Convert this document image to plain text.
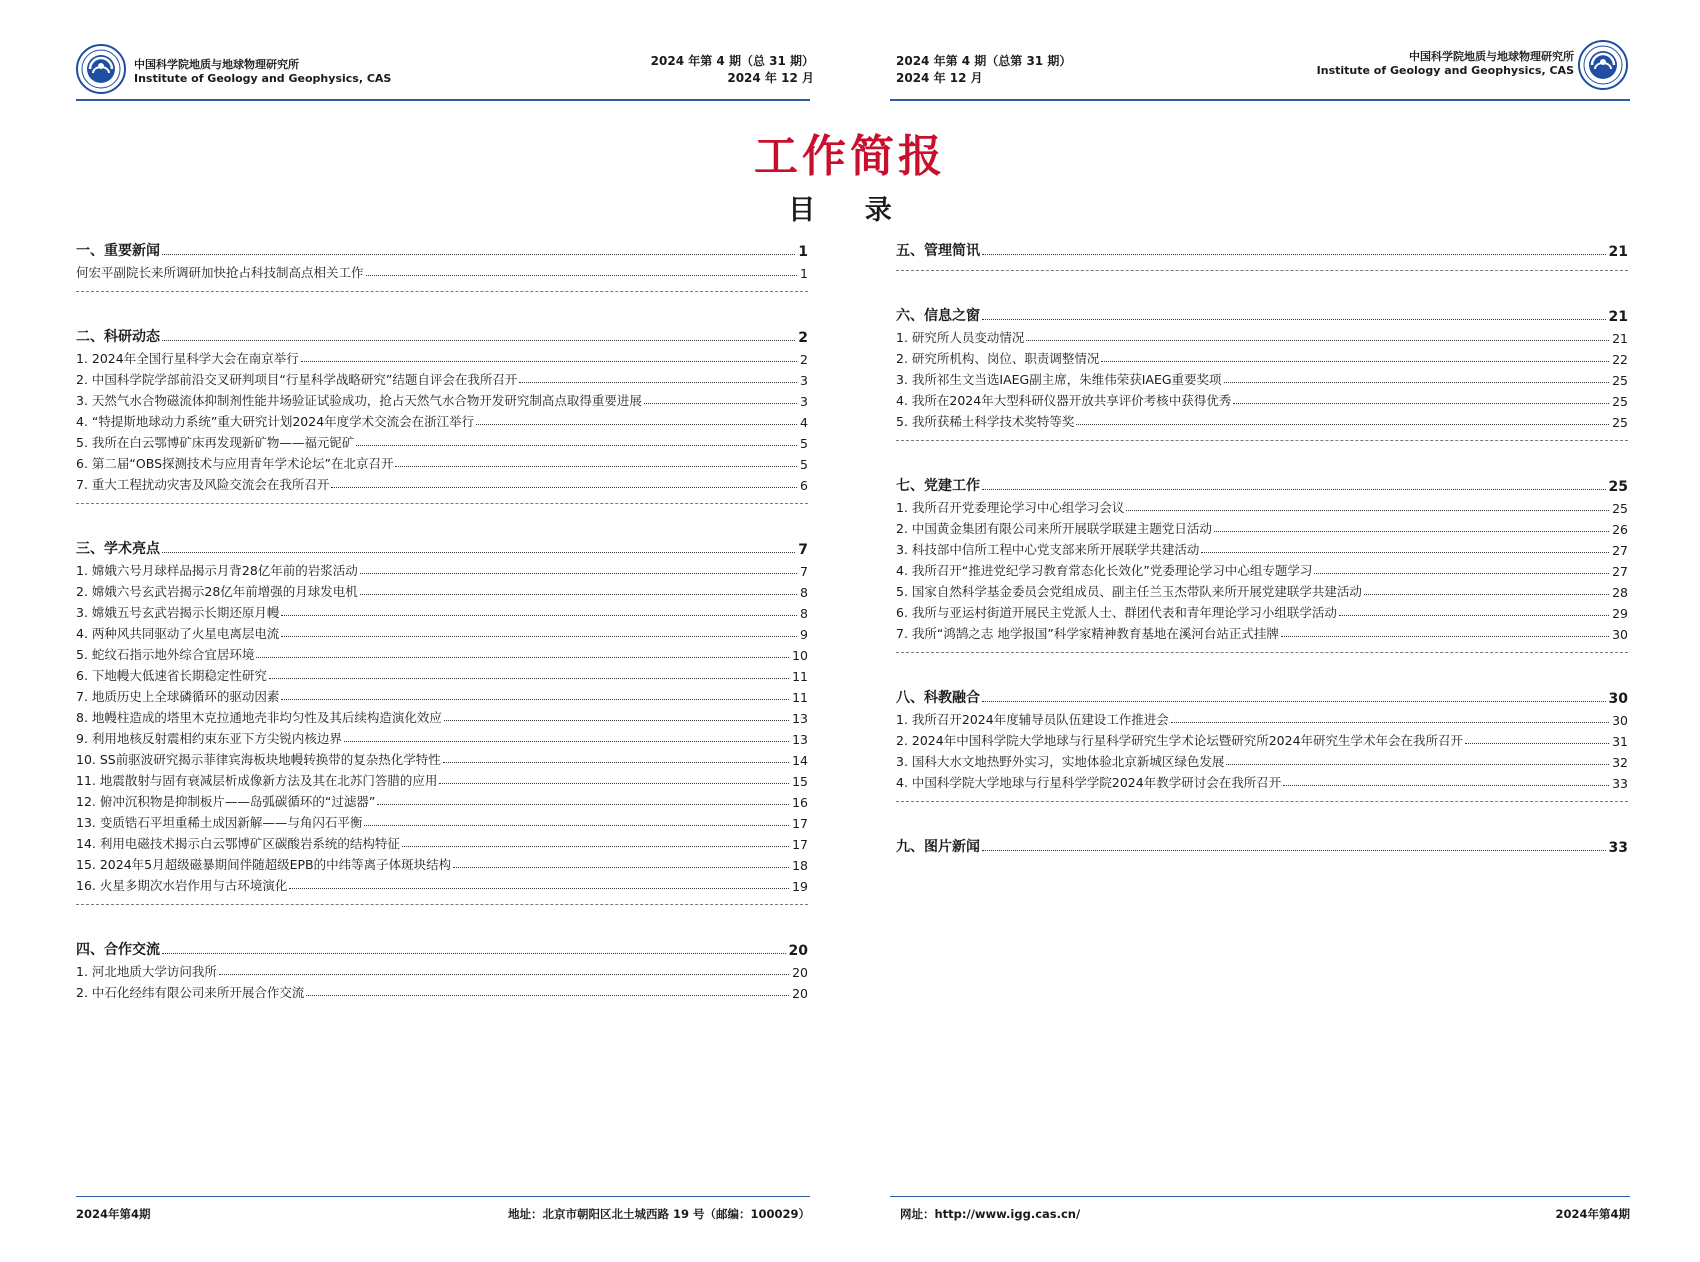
中国科学院地质与地球物理研究所
Institute of Geology and Geophysics, CAS
2024 年第 4 期（总 31 期）
2024 年 12 月
2024 年第 4 期（总第 31 期）
2024 年 12 月
中国科学院地质与地球物理研究所
Institute of Geology and Geophysics, CAS
工作简报
目 录
一、重要新闻	1
何宏平副院长来所调研加快抢占科技制高点相关工作	1
二、科研动态	2
1. 2024年全国行星科学大会在南京举行	2
2. 中国科学院学部前沿交叉研判项目“行星科学战略研究”结题自评会在我所召开	3
3. 天然气水合物磁流体抑制剂性能井场验证试验成功，抢占天然气水合物开发研究制高点取得重要进展	3
4. “特提斯地球动力系统”重大研究计划2024年度学术交流会在浙江举行	4
5. 我所在白云鄂博矿床再发现新矿物——福元铌矿	5
6. 第二届“OBS探测技术与应用青年学术论坛”在北京召开	5
7. 重大工程扰动灾害及风险交流会在我所召开	6
三、学术亮点	7
1. 嫦娥六号月球样品揭示月背28亿年前的岩浆活动	7
2. 嫦娥六号玄武岩揭示28亿年前增强的月球发电机	8
3. 嫦娥五号玄武岩揭示长期还原月幔	8
4. 两种风共同驱动了火星电离层电流	9
5. 蛇纹石指示地外综合宜居环境	10
6. 下地幔大低速省长期稳定性研究	11
7. 地质历史上全球磷循环的驱动因素	11
8. 地幔柱造成的塔里木克拉通地壳非均匀性及其后续构造演化效应	13
9. 利用地核反射震相约束东亚下方尖锐内核边界	13
10. SS前驱波研究揭示菲律宾海板块地幔转换带的复杂热化学特性	14
11. 地震散射与固有衰减层析成像新方法及其在北苏门答腊的应用	15
12. 俯冲沉积物是抑制板片——岛弧碳循环的“过滤器”	16
13. 变质锆石平坦重稀土成因新解——与角闪石平衡	17
14. 利用电磁技术揭示白云鄂博矿区碳酸岩系统的结构特征	17
15. 2024年5月超级磁暴期间伴随超级EPB的中纬等离子体斑块结构	18
16. 火星多期次水岩作用与古环境演化	19
四、合作交流	20
1. 河北地质大学访问我所	20
2. 中石化经纬有限公司来所开展合作交流	20
五、管理简讯	21
六、信息之窗	21
1. 研究所人员变动情况	21
2. 研究所机构、岗位、职责调整情况	22
3. 我所祁生文当选IAEG副主席，朱维伟荣获IAEG重要奖项	25
4. 我所在2024年大型科研仪器开放共享评价考核中获得优秀	25
5. 我所获稀土科学技术奖特等奖	25
七、党建工作	25
1. 我所召开党委理论学习中心组学习会议	25
2. 中国黄金集团有限公司来所开展联学联建主题党日活动	26
3. 科技部中信所工程中心党支部来所开展联学共建活动	27
4. 我所召开“推进党纪学习教育常态化长效化”党委理论学习中心组专题学习	27
5. 国家自然科学基金委员会党组成员、副主任兰玉杰带队来所开展党建联学共建活动	28
6. 我所与亚运村街道开展民主党派人士、群团代表和青年理论学习小组联学活动	29
7. 我所“鸿鹄之志 地学报国”科学家精神教育基地在溪河台站正式挂牌	30
八、科教融合	30
1. 我所召开2024年度辅导员队伍建设工作推进会	30
2. 2024年中国科学院大学地球与行星科学研究生学术论坛暨研究所2024年研究生学术年会在我所召开	31
3. 国科大水文地热野外实习，实地体验北京新城区绿色发展	32
4. 中国科学院大学地球与行星科学学院2024年教学研讨会在我所召开	33
九、图片新闻	33
2024年第4期	地址：北京市朝阳区北土城西路 19 号（邮编：100029）	网址：http://www.igg.cas.cn/	2024年第4期
